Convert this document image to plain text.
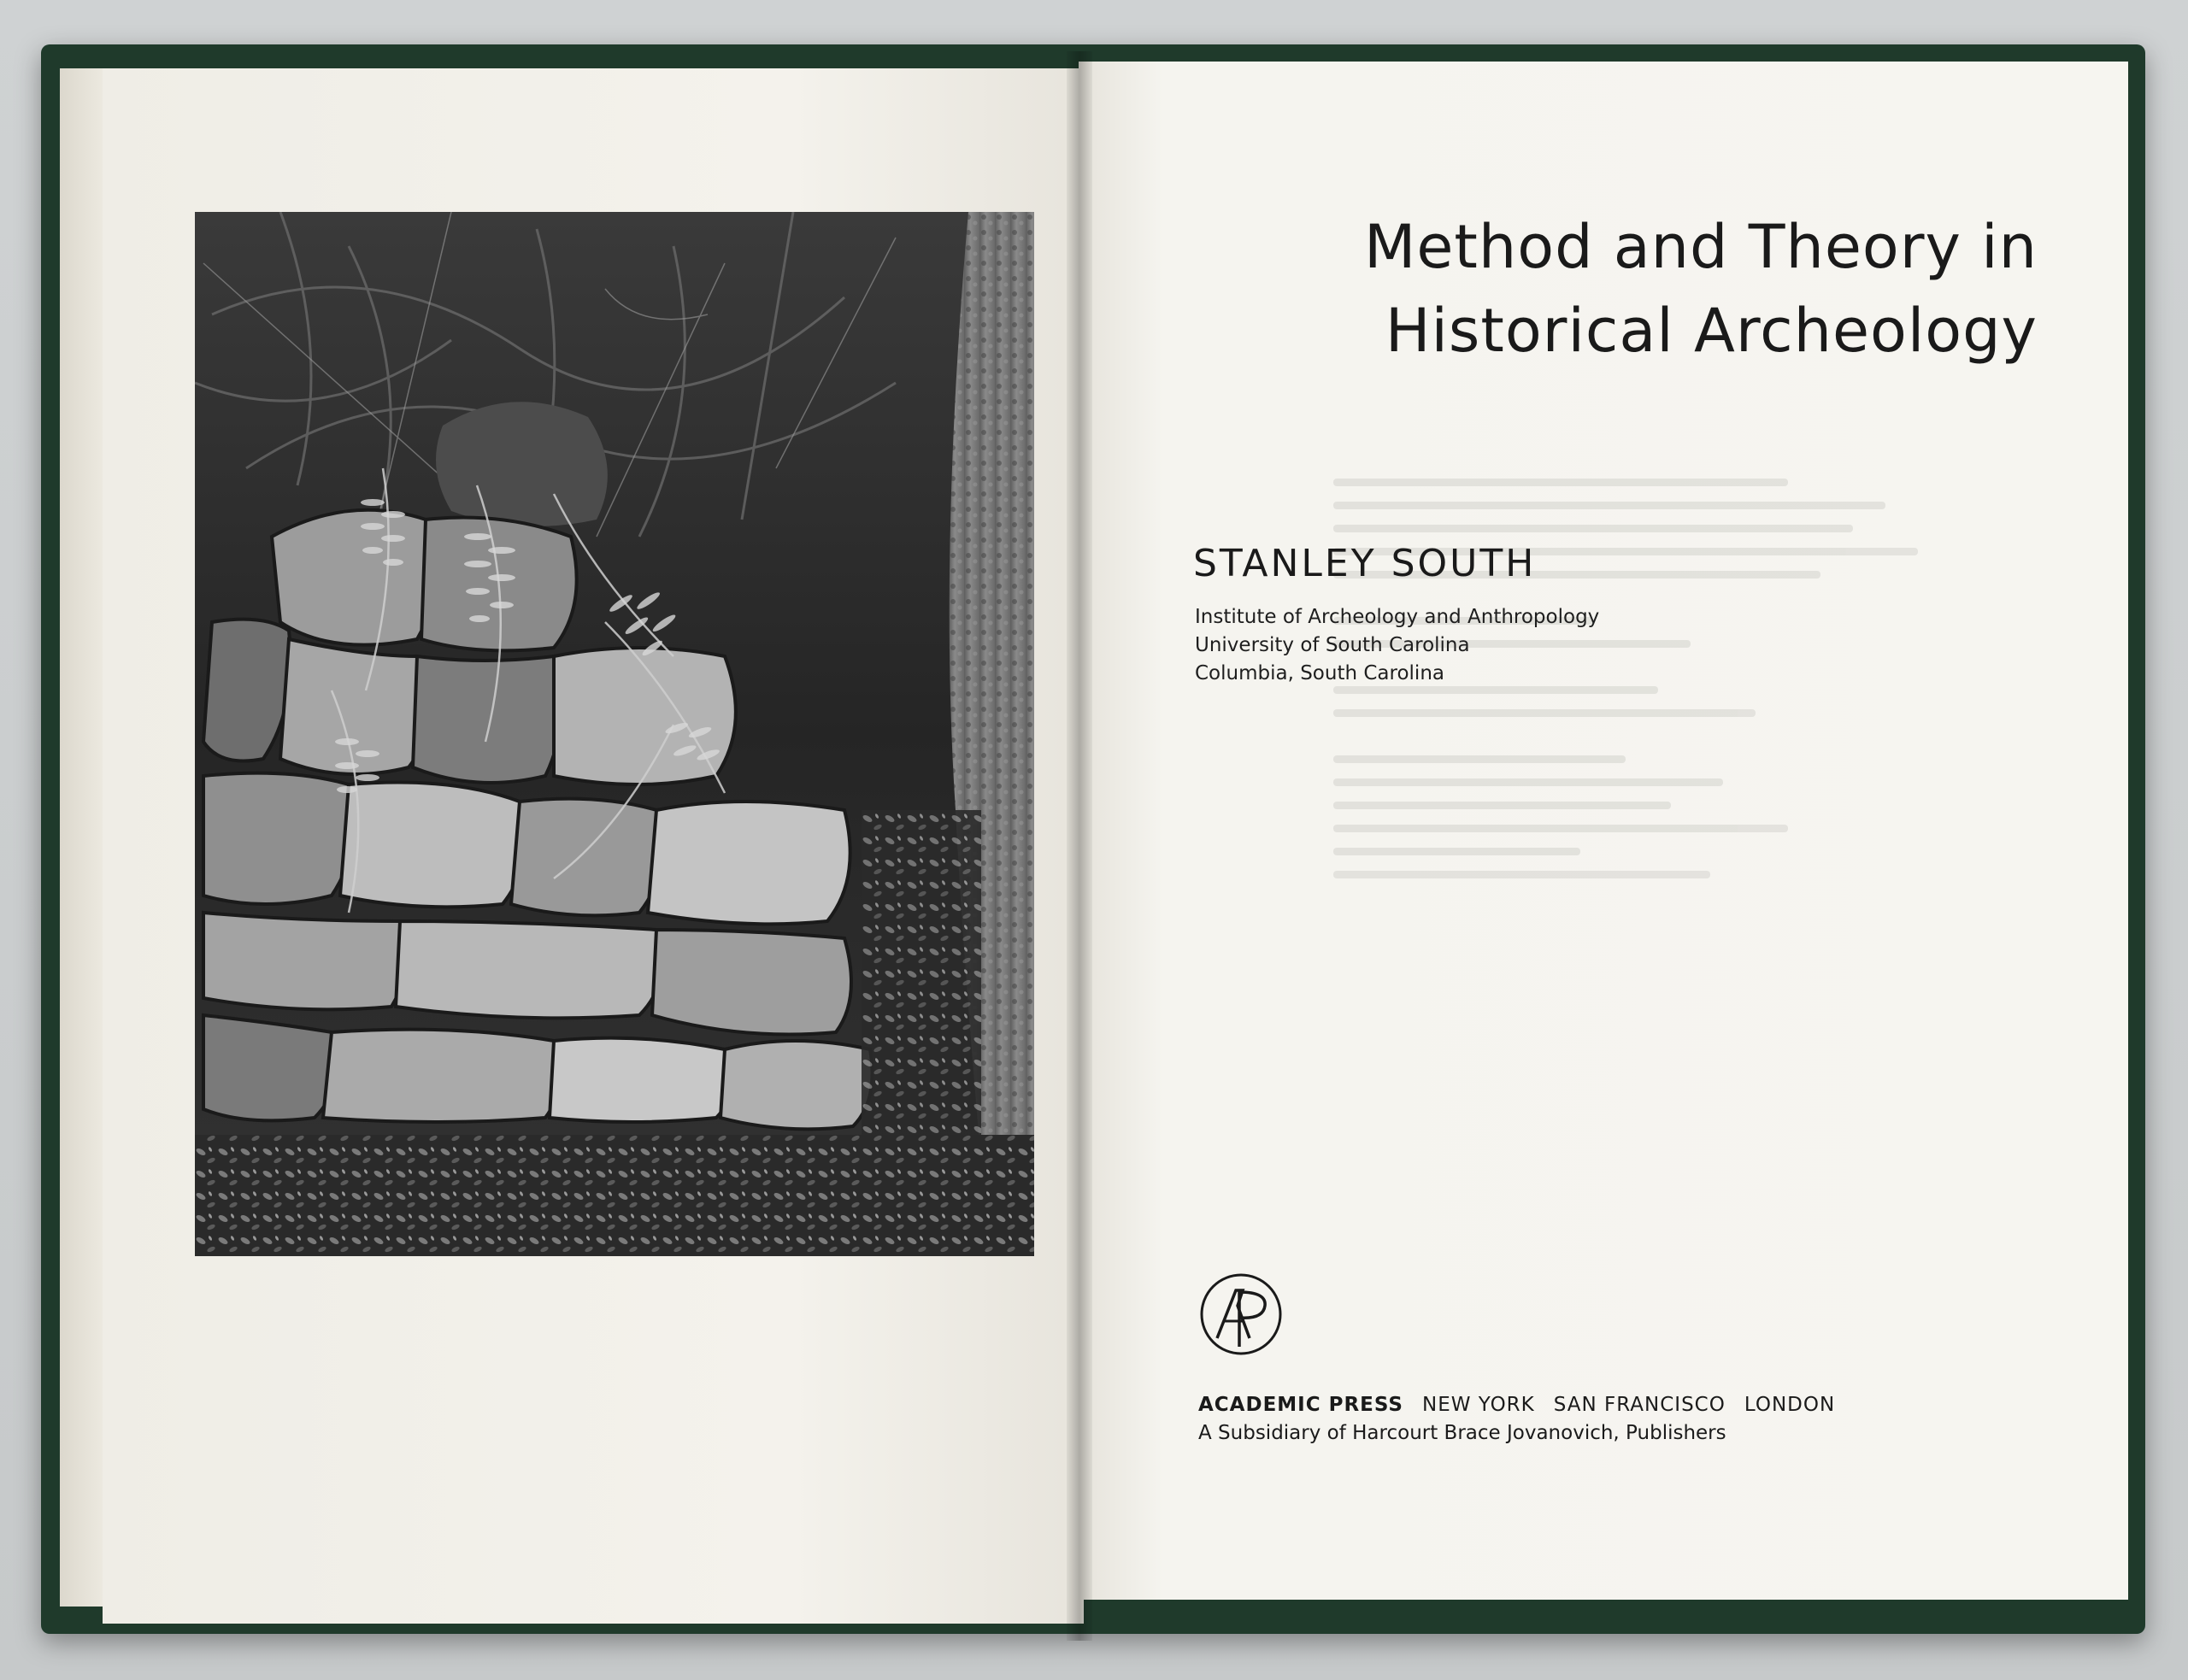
Method and Theory in
Historical Archeology
STANLEY SOUTH
Institute of Archeology and Anthropology
University of South Carolina
Columbia, South Carolina
ACADEMIC PRESS NEW YORK SAN FRANCISCO LONDON
A Subsidiary of Harcourt Brace Jovanovich, Publishers
